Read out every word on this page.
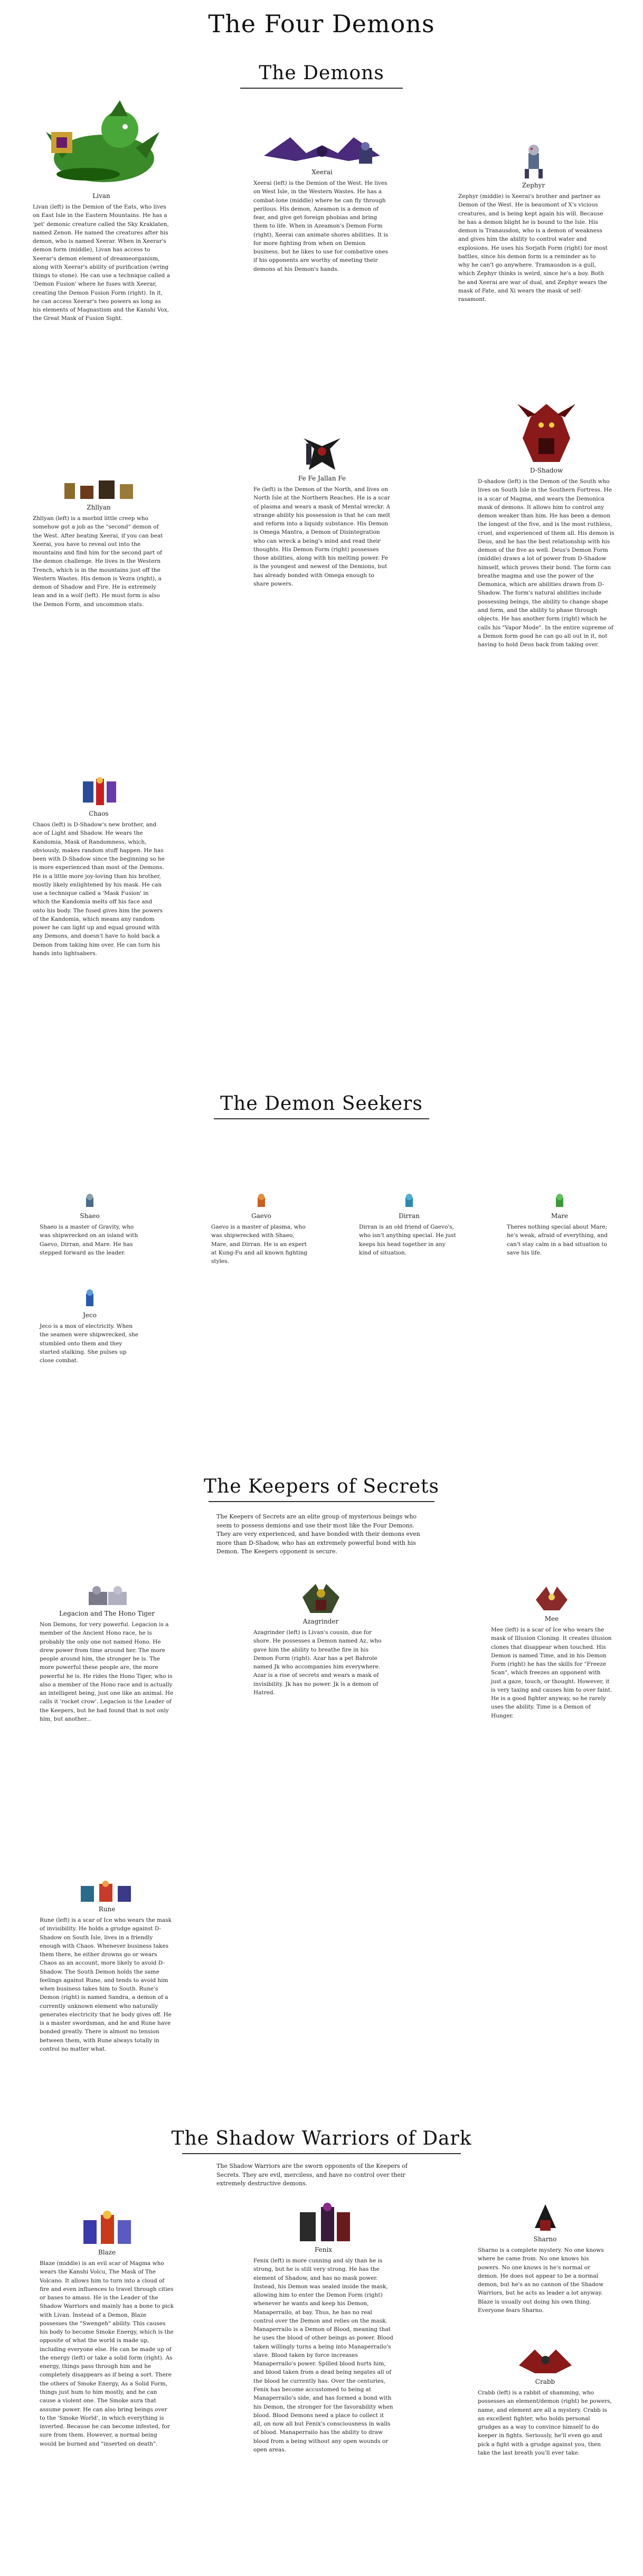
The Four Demons
The Demons
Livan
Livan (left) is the Demion of the Eats, who lives on East Isle in the Eastern Mountains. He has a 'pet' demonic creature called the Sky Kraklaten, named Zenon. He named the creatures after his demon, who is named Xeerar. When in Xeerar's demon form (middle), Livan has access to Xeerar's demon element of dreameorganism, along with Xeerar's ability of purification (wring things to stone). He can use a technique called a 'Demon Fusion' where he fuses with Xeerar, creating the Demon Fusion Form (right). In it, he can access Xeerar's two powers as long as his elements of Magnastism and the Kanshi Vox, the Great Mask of Fusion Sight.
Xeerai
Xeerai (left) is the Demion of the West. He lives on West Isle, in the Western Wastes. He has a combat-lone (middle) where he can fly through perilous. His demon, Azeamon is a demon of fear, and give get foreign phobias and bring them to life. When in Azeamon's Demon Form (right), Xeerai can animate shores abilities. It is for more fighting from when on Demion business, but he likes to use for combative ones if his opponents are worthy of meeting their demons at his Demon's hands.
Zephyr
Zephyr (middle) is Xeerai's brother and partner as Demon of the West. He is beaumont of X's vicious creatures, and is being kept again his will. Because he has a demon blight he is bound to the Isle. His demon is Tranausdon, who is a demon of weakness and gives him the ability to control water and explosions. He uses his Sorjath Form (right) for most battles, since his demon form is a reminder as to why he can't go anywhere. Tramausdon is a gull, which Zephyr thinks is weird, since he's a boy. Both he and Xeerai are war of dual, and Zephyr wears the mask of Fate, and Xi wears the mask of self-rasamont.
Zhllyan
Zhllyan (left) is a morbid little creep who somehow got a job as the "second" demon of the West. After beating Xeerai, if you can beat Xeerai, you have to reveal out into the mountains and find him for the second part of the demon challenge. He lives in the Western Trench, which is in the mountains just off the Western Wastes. His demon is Vezra (right), a demon of Shadow and Fire. He is extremely lean and in a wolf (left). He must form is also the Demon Form, and uncommon stats.
Fe Fe Jallan Fe
Fe (left) is the Demon of the North, and lives on North Isle at the Northern Reaches. He is a scar of plasma and wears a mask of Mental wreckr. A strange ability his possession is that he can melt and reform into a liquidy substance. His Demon is Omega Mantra, a Demon of Disintegration who can wreck a being's mind and read their thoughts. His Demon Form (right) possesses those abilities, along with his melting power. Fe is the youngest and newest of the Demions, but has already bonded with Omega enough to share powers.
D-Shadow
D-shadow (left) is the Demon of the South who lives on South Isle in the Southern Fortress. He is a scar of Magma, and wears the Demonica mask of demons. It allows him to control any demon weaker than him. He has been a demon the longest of the five, and is the most ruthless, cruel, and experienced of them all. His demon is Deus, and he has the best relationship with his demon of the five as well. Deus's Demon Form (middle) draws a lot of power from D-Shadow himself, which proves their bond. The form can breathe magma and use the power of the Demonica, which are abilities drawn from D-Shadow. The form's natural abilities include possessing beings, the ability to change shape and form, and the ability to phase through objects. He has another form (right) which he calls his "Vapor Mode". In the entire supreme of a Demon form good he can go all out in it, not having to hold Deus back from taking over.
Chaos
Chaos (left) is D-Shadow's new brother, and ace of Light and Shadow. He wears the Kandomia, Mask of Randomness, which, obviously, makes random stuff happen. He has been with D-Shadow since the beginning so he is more experienced than most of the Demons. He is a little more joy-loving than his brother, mostly likely enlightened by his mask. He can use a technique called a 'Mask Fusion' in which the Kandomia melts off his face and onto his body. The fused gives him the powers of the Kandomia, which means any random power he can light up and equal ground with any Demons, and doesn't have to hold back a Demon from taking him over. He can turn his hands into lightsabers.
The Demon Seekers
Shaeo
Shaeo is a master of Gravity, who was shipwrecked on an island with Gaevo, Dirran, and Mare. He has stepped forward as the leader.
Gaevo
Gaevo is a master of plasma, who was shipwrecked with Shaeo, Mare, and Dirran. He is an expert at Kung-Fu and all known fighting styles.
Dirran
Dirran is an old friend of Gaevo's, who isn't anything special. He just keeps his head together in any kind of situation.
Mare
Theres nothing special about Mare; he's weak, afraid of everything, and can't stay calm in a bad situation to save his life.
Jeco
Jeco is a mox of electricity. When the seamen were shipwrecked, she stumbled onto them and they started stalking. She pulses up close combat.
The Keepers of Secrets
The Keepers of Secrets are an elite group of mysterious beings who seem to possess demions and use their most like the Four Demons. They are very experienced, and have bonded with their demons even more than D-Shadow, who has an extremely powerful bond with his Demon. The Keepers opponent is secure.
Legacion and The Hono Tiger
Non Demons, for very powerful. Legacion is a member of the Ancient Hono race, he is probably the only one not named Hono. He drew power from time around her. The more people around him, the stronger he is. The more powerful these people are, the more powerful he is. He rides the Hono Tiger, who is also a member of the Hono race and is actually an intelligent being, just one like an animal. He calls it 'rocket crow'. Legacion is the Leader of the Keepers, but he had found that is not only him, but another...
Azagrinder
Azagrinder (left) is Livan's cousin, due for shore. He possesses a Demon named Az, who gave him the ability to breathe fire in his Demon Form (right). Azar has a pet Bahrole named Jk who accompanies him everywhere. Azar is a rise of secrets and wears a mask of invisibility. Jk has no power. Jk is a demon of Hatred.
Mee
Mee (left) is a scar of Ice who wears the mask of Illusion Cloning. It creates illusion clones that disappear when touched. His Demon is named Time, and in his Demon Form (right) he has the skills for "Freeze Scan", which freezes an opponent with just a gaze, touch, or thought. However, it is very taxing and causes him to over faint. He is a good fighter anyway, so he rarely uses the ability. Time is a Demon of Hunger.
Rune
Rune (left) is a scar of Ice who wears the mask of invisibility. He holds a grudge against D-Shadow on South Isle, lives in a friendly enough with Chaos. Whenever business takes them there, he either drowns go or wears Chaos as an account, more likely to avoid D-Shadow. The South Demon holds the same feelings against Rune, and tends to avoid him when business takes him to South. Rune's Demon (right) is named Sandra, a demon of a currently unknown element who naturally generates electricity that he body gives off. He is a master swordsman, and he and Rune have bonded greatly. There is almost no tension between them, with Rune always totally in control no matter what.
The Shadow Warriors of Dark
The Shadow Warriors are the sworn opponents of the Keepers of Secrets. They are evil, merciless, and have no control over their extremely destructive demons.
Blaze
Blaze (middle) is an evil scar of Magma who wears the Kanshi Volcu, The Mask of The Volcano. It allows him to turn into a cloud of fire and even influences to travel through cities or bases to amass. He is the Leader of the Shadow Warriors and mainly has a bone to pick with Livan. Instead of a Demon, Blaze possesses the "Swengeh" ability. This causes his body to become Smoke Energy, which is the opposite of what the world is made up, including everyone else. He can be made up of the energy (left) or take a solid form (right). As energy, things pass through him and he completely disappears as if being a sort. There the others of Smoke Energy, As a Solid Form, things just hum to him mostly, and he can cause a violent one. The Smoke aura that assume power. He can also bring beings over to the 'Smoke World', in which everything is inverted. Because he can become infested, for sure from them. However, a normal being would be burned and "inserted on death".
Fenix
Fenix (left) is more cunning and sly than he is strong, but he is still very strong. He has the element of Shadow, and has no mask power. Instead, his Demon was sealed inside the mask, allowing him to enter the Demon Form (right) whenever he wants and keep his Demon, Manaperrailo, at bay. Thus, he has no real control over the Demon and relies on the mask. Manaperrailo is a Demon of Blood, meaning that he uses the blood of other beings as power. Blood taken willingly turns a being into Manaperrailo's slave. Blood taken by force increases Manaperrailo's power. Spilled blood hurts him, and blood taken from a dead being negates all of the blood he currently has. Over the centuries, Fenix has become accustomed to being at Manaperrailo's side, and has formed a bond with his Demon, the stronger for the favorability when blood. Blood Demons need a place to collect it all, on now all but Fenix's consciousness in walls of blood. Manaperrailo has the ability to draw blood from a being without any open wounds or open areas.
Sharno
Sharno is a complete mystery. No one knows where he came from. No one knows his powers. No one knows is he's normal or demon. He does not appear to be a normal demon, but he's as no cannon of the Shadow Warriors, but he acts as leader a lot anyway. Blaze is usually out doing his own thing. Everyone fears Sharno.
Crabb
Crabb (left) is a rabbit of shamming, who possesses an element/demon (right) he powers, name, and element are all a mystery. Crabb is an excellent fighter, who holds personal grudges as a way to convince himself to do keeper in fights. Seriously, he'll even go and pick a fight with a grudge against you, then take the last breath you'll ever take.
